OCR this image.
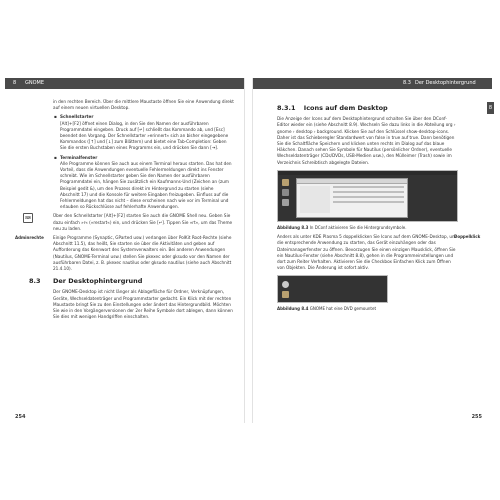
8 GNOME

in den rechten Bereich. Über die mittlere Maustaste öffnen Sie eine Anwendung direkt auf einem neuen virtuellen Desktop.

▪ Schnellstarter
[Alt]+[F2] öffnet einen Dialog, in den Sie den Namen der ausführbaren Programmdatei eingeben. Druck auf [↵] schließt das Kommando ab, und [Esc] beendet den Vorgang. Der Schnellstarter »erinnert« sich an bisher eingegebene Kommandos ([↑] und [↓] zum Blättern) und bietet eine Tab-Completion: Geben Sie die ersten Buchstaben eines Programms ein, und drücken Sie dann [⇥].
▪ Terminalfenster
Alle Programme können Sie auch aus einem Terminal heraus starten. Das hat den Vorteil, dass die Anwendungen eventuelle Fehlermeldungen direkt ins Fenster schreibt. Wie im Schnellstarter geben Sie den Namen der ausführbaren Programmdatei ein, hängen Sie zusätzlich ein Kaufmanns-Und (Zeichen an (zum Beispiel gedit &), um den Prozess direkt im Hintergrund zu starten (siehe Abschnitt 17) und die Konsole für weitere Eingaben freizugeben. Einfluss auf die Fehlermeldungen hat das nicht – diese erscheinen nach wie vor im Terminal und erlauben so Rückschlüsse auf fehlerhafte Anwendungen.
⌨	Über den Schnellstarter [Alt]+[F2] starten Sie auch die GNOME Shell neu. Geben Sie dazu einfach »r« (»restart«) ein, und drücken Sie [↵]. Tippen Sie »rt«, um das Theme neu zu laden.
Adminrechte	Einige Programme (Synaptic, GParted usw.) verlangen über PolKit Root-Rechte (siehe Abschnitt 11.5), das heißt, Sie starten sie über die Aktivitäten und geben auf Aufforderung das Kennwort des Systemverwalters ein. Bei anderen Anwendungen (Nautilus, GNOME-Terminal usw.) stellen Sie pkexec oder gksudo vor den Namen der ausführbaren Datei, z. B. pkexec nautilus oder gksudo nautilus (siehe auch Abschnitt 21.4.10).
8.3 Der Desktophintergrund

Der GNOME-Desktop ist nicht länger als Ablagefläche für Ordner, Verknüpfungen, Geräte, Wechseldatenträger und Programmstarter gedacht. Ein Klick mit der rechten Maustaste bringt Sie zu den Einstellungen oder ändert das Hintergrundbild. Möchten Sie wie in den Vorgängerversionen der 2er Reihe Symbole dort ablegen, dann können Sie dies mit wenigen Handgriffen einschalten.

254
8.3 Der Desktophintergrund
8
8.3.1 Icons auf dem Desktop

Die Anzeige der Icons auf dem Desktophintergrund schalten Sie über den DConf-Editor wieder ein (siehe Abschnitt 8.9). Wechseln Sie dazu links in die Abteilung org › gnome › desktop › background. Klicken Sie auf den Schlüssel show-desktop-icons. Daher ist das Schieberegler Standardwert von false in true auf true. Dann benötigen Sie die Schaltfläche Speichern und klicken unten rechts im Dialog auf das blaue Häkchen. Danach sehen Sie Symbole für Nautilus (persönlicher Ordner), eventuelle Wechseldatenträger (CDs/DVDs, USB-Medien usw.), den Mülleimer (Trash) sowie im Verzeichnis Schreibtisch abgelegte Dateien.

Abbildung 8.3 In DConf aktivieren Sie die Hintergrundsymbole.
Doppelklick
Anders als unter KDE Plasma 5 doppelklicken Sie Icons auf dem GNOME-Desktop, um die entsprechende Anwendung zu starten, das Gerät einzuhängen oder das Dateimanagerfenster zu öffnen. Bevorzugen Sie einen einzigen Mausklick, öffnen Sie ein Nautilus-Fenster (siehe Abschnitt 8.8), gehen in die Programmeinstellungen und dort zum Reiter Verhalten. Aktivieren Sie die Checkbox Einfachen Klick zum Öffnen von Objekten. Die Änderung ist sofort aktiv.
Abbildung 8.4 GNOME hat eine DVD gemountet
255
